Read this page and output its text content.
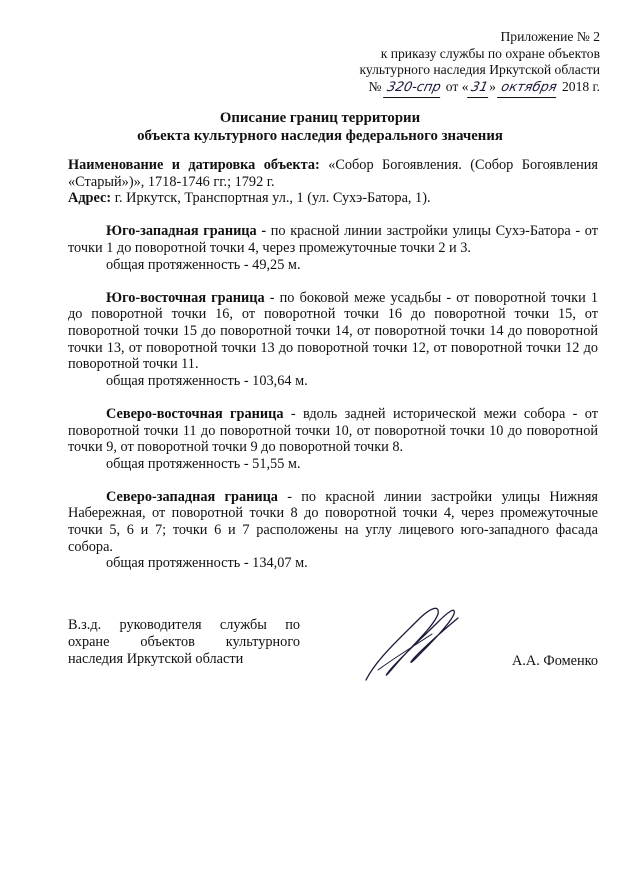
Приложение № 2
к приказу службы по охране объектов
культурного наследия Иркутской области
№ 320-спр от «31» октября 2018 г.
Описание границ территории
объекта культурного наследия федерального значения

Наименование и датировка объекта: «Собор Богоявления. (Собор Богоявления «Старый»)», 1718-1746 гг.; 1792 г.

Адрес: г. Иркутск, Транспортная ул., 1 (ул. Сухэ-Батора, 1).

Юго-западная граница - по красной линии застройки улицы Сухэ-Батора - от точки 1 до поворотной точки 4, через промежуточные точки 2 и 3.

общая протяженность - 49,25 м.

Юго-восточная граница - по боковой меже усадьбы - от поворотной точки 1 до поворотной точки 16, от поворотной точки 16 до поворотной точки 15, от поворотной точки 15 до поворотной точки 14, от поворотной точки 14 до поворотной точки 13, от поворотной точки 13 до поворотной точки 12, от поворотной точки 12 до поворотной точки 11.

общая протяженность - 103,64 м.

Северо-восточная граница - вдоль задней исторической межи собора - от поворотной точки 11 до поворотной точки 10, от поворотной точки 10 до поворотной точки 9, от поворотной точки 9 до поворотной точки 8.

общая протяженность - 51,55 м.

Северо-западная граница - по красной линии застройки улицы Нижняя Набережная, от поворотной точки 8 до поворотной точки 4, через промежуточные точки 5, 6 и 7; точки 6 и 7 расположены на углу лицевого юго-западного фасада собора.

общая протяженность - 134,07 м.

В.з.д. руководителя службы по
охране объектов культурного
наследия Иркутской области	А.А. Фоменко
